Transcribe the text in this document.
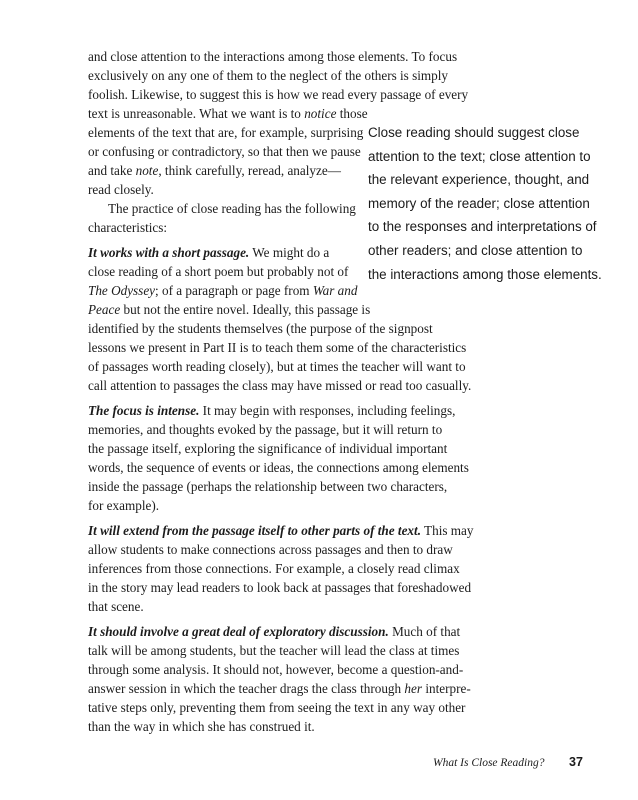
and close attention to the interactions among those elements. To focus
exclusively on any one of them to the neglect of the others is simply
foolish. Likewise, to suggest this is how we read every passage of every
text is unreasonable. What we want is to notice those
elements of the text that are, for example, surprising
or confusing or contradictory, so that then we pause
and take note, think carefully, reread, analyze—
read closely.
The practice of close reading has the following
characteristics:
It works with a short passage. We might do a
close reading of a short poem but probably not of
The Odyssey; of a paragraph or page from War and
Peace but not the entire novel. Ideally, this passage is
identified by the students themselves (the purpose of the signpost
lessons we present in Part II is to teach them some of the characteristics
of passages worth reading closely), but at times the teacher will want to
call attention to passages the class may have missed or read too casually.
The focus is intense. It may begin with responses, including feelings,
memories, and thoughts evoked by the passage, but it will return to
the passage itself, exploring the significance of individual important
words, the sequence of events or ideas, the connections among elements
inside the passage (perhaps the relationship between two characters,
for example).
It will extend from the passage itself to other parts of the text. This may
allow students to make connections across passages and then to draw
inferences from those connections. For example, a closely read climax
in the story may lead readers to look back at passages that foreshadowed
that scene.
It should involve a great deal of exploratory discussion. Much of that
talk will be among students, but the teacher will lead the class at times
through some analysis. It should not, however, become a question-and-
answer session in which the teacher drags the class through her interpre-
tative steps only, preventing them from seeing the text in any way other
than the way in which she has construed it.
Close reading should suggest close
attention to the text; close attention to
the relevant experience, thought, and
memory of the reader; close attention
to the responses and interpretations of
other readers; and close attention to
the interactions among those elements.
What Is Close Reading? 37
